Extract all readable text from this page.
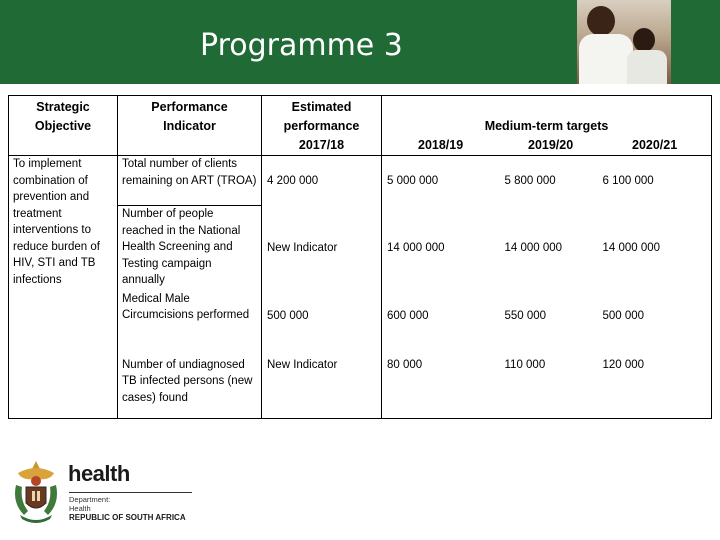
Programme 3
Strategic Objective	Performance Indicator	Estimated performance 2017/18	Medium-term targets
2018/19 2019/20 2020/21		

To implement combination of prevention and treatment interventions to reduce burden of HIV, STI and TB infections	Total number of clients remaining on ART (TROA)	4 200 000	5 000 000	5 800 000	6 100 000

	Number of people reached in the National Health Screening and Testing campaign annually	New Indicator	14 000 000	14 000 000	14 000 000

	Medical Male Circumcisions performed	500 000	600 000	550 000	500 000

	Number of undiagnosed TB infected persons (new cases) found	New Indicator	80 000	110 000	120 000
health
Department:
Health
REPUBLIC OF SOUTH AFRICA
